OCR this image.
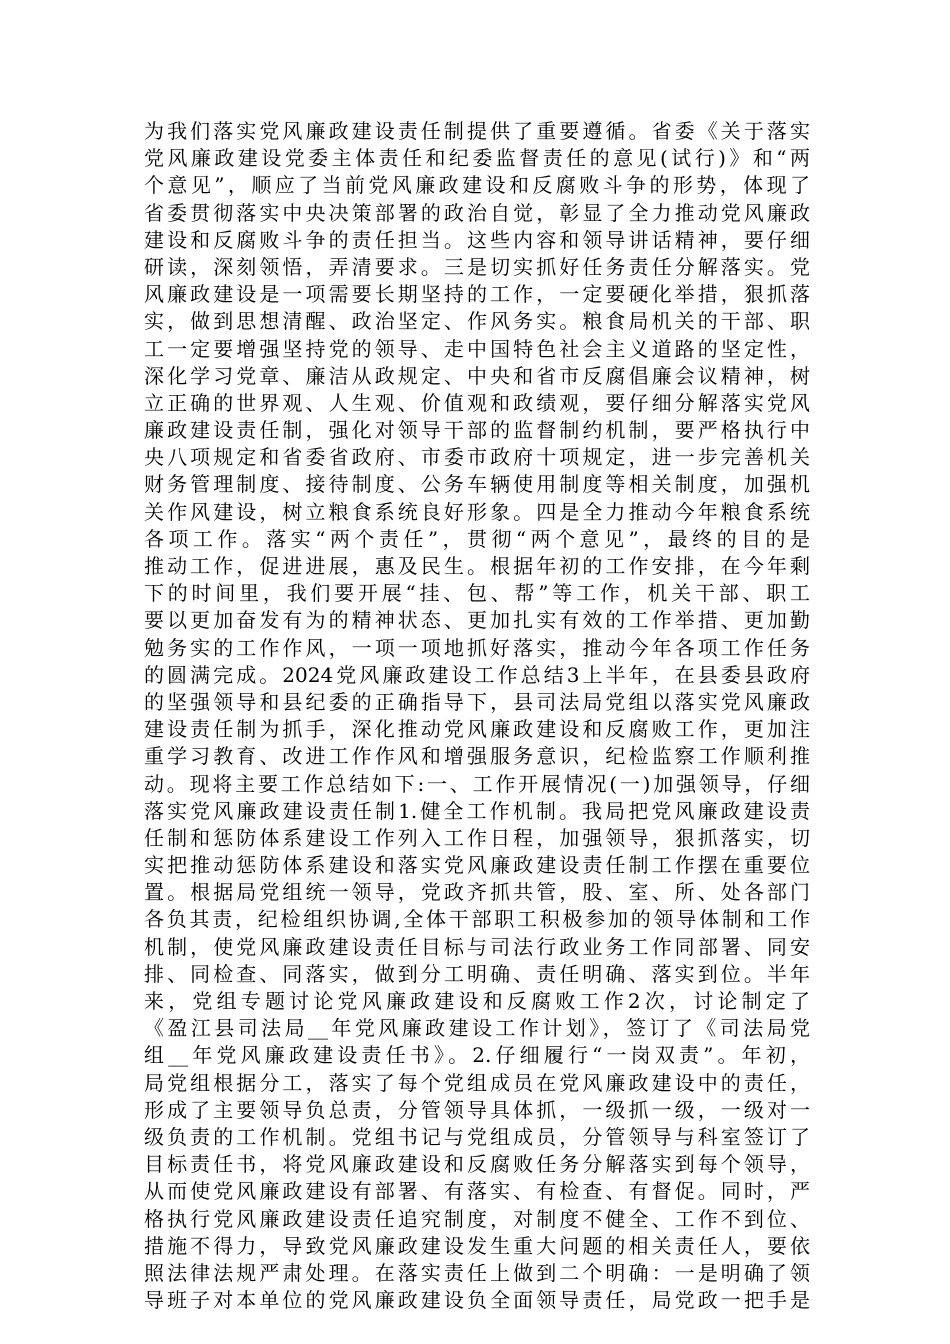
为我们落实党风廉政建设责任制提供了重要遵循。省委《关于落实
党风廉政建设党委主体责任和纪委监督责任的意见(试行)》和“两
个意见”，顺应了当前党风廉政建设和反腐败斗争的形势，体现了
省委贯彻落实中央决策部署的政治自觉，彰显了全力推动党风廉政
建设和反腐败斗争的责任担当。这些内容和领导讲话精神，要仔细
研读，深刻领悟，弄清要求。三是切实抓好任务责任分解落实。党
风廉政建设是一项需要长期坚持的工作，一定要硬化举措，狠抓落
实，做到思想清醒、政治坚定、作风务实。粮食局机关的干部、职
工一定要增强坚持党的领导、走中国特色社会主义道路的坚定性，
深化学习党章、廉洁从政规定、中央和省市反腐倡廉会议精神，树
立正确的世界观、人生观、价值观和政绩观，要仔细分解落实党风
廉政建设责任制，强化对领导干部的监督制约机制，要严格执行中
央八项规定和省委省政府、市委市政府十项规定，进一步完善机关
财务管理制度、接待制度、公务车辆使用制度等相关制度，加强机
关作风建设，树立粮食系统良好形象。四是全力推动今年粮食系统
各项工作。落实“两个责任”，贯彻“两个意见”，最终的目的是
推动工作，促进进展，惠及民生。根据年初的工作安排，在今年剩
下的时间里，我们要开展“挂、包、帮”等工作，机关干部、职工
要以更加奋发有为的精神状态、更加扎实有效的工作举措、更加勤
勉务实的工作作风，一项一项地抓好落实，推动今年各项工作任务
的圆满完成。2024党风廉政建设工作总结3上半年，在县委县政府
的坚强领导和县纪委的正确指导下，县司法局党组以落实党风廉政
建设责任制为抓手，深化推动党风廉政建设和反腐败工作，更加注
重学习教育、改进工作作风和增强服务意识，纪检监察工作顺利推
动。现将主要工作总结如下:一、工作开展情况(一)加强领导，仔细
落实党风廉政建设责任制1.健全工作机制。我局把党风廉政建设责
任制和惩防体系建设工作列入工作日程，加强领导，狠抓落实，切
实把推动惩防体系建设和落实党风廉政建设责任制工作摆在重要位
置。根据局党组统一领导，党政齐抓共管，股、室、所、处各部门
各负其责，纪检组织协调,全体干部职工积极参加的领导体制和工作
机制，使党风廉政建设责任目标与司法行政业务工作同部署、同安
排、同检查、同落实，做到分工明确、责任明确、落实到位。半年
来，党组专题讨论党风廉政建设和反腐败工作2次，讨论制定了
《盈江县司法局__年党风廉政建设工作计划》，签订了《司法局党
组__年党风廉政建设责任书》。2.仔细履行“一岗双责”。年初，
局党组根据分工，落实了每个党组成员在党风廉政建设中的责任，
形成了主要领导负总责，分管领导具体抓，一级抓一级，一级对一
级负责的工作机制。党组书记与党组成员，分管领导与科室签订了
目标责任书，将党风廉政建设和反腐败任务分解落实到每个领导，
从而使党风廉政建设有部署、有落实、有检查、有督促。同时，严
格执行党风廉政建设责任追究制度，对制度不健全、工作不到位、
措施不得力，导致党风廉政建设发生重大问题的相关责任人，要依
照法律法规严肃处理。在落实责任上做到二个明确：一是明确了领
导班子对本单位的党风廉政建设负全面领导责任，局党政一把手是
